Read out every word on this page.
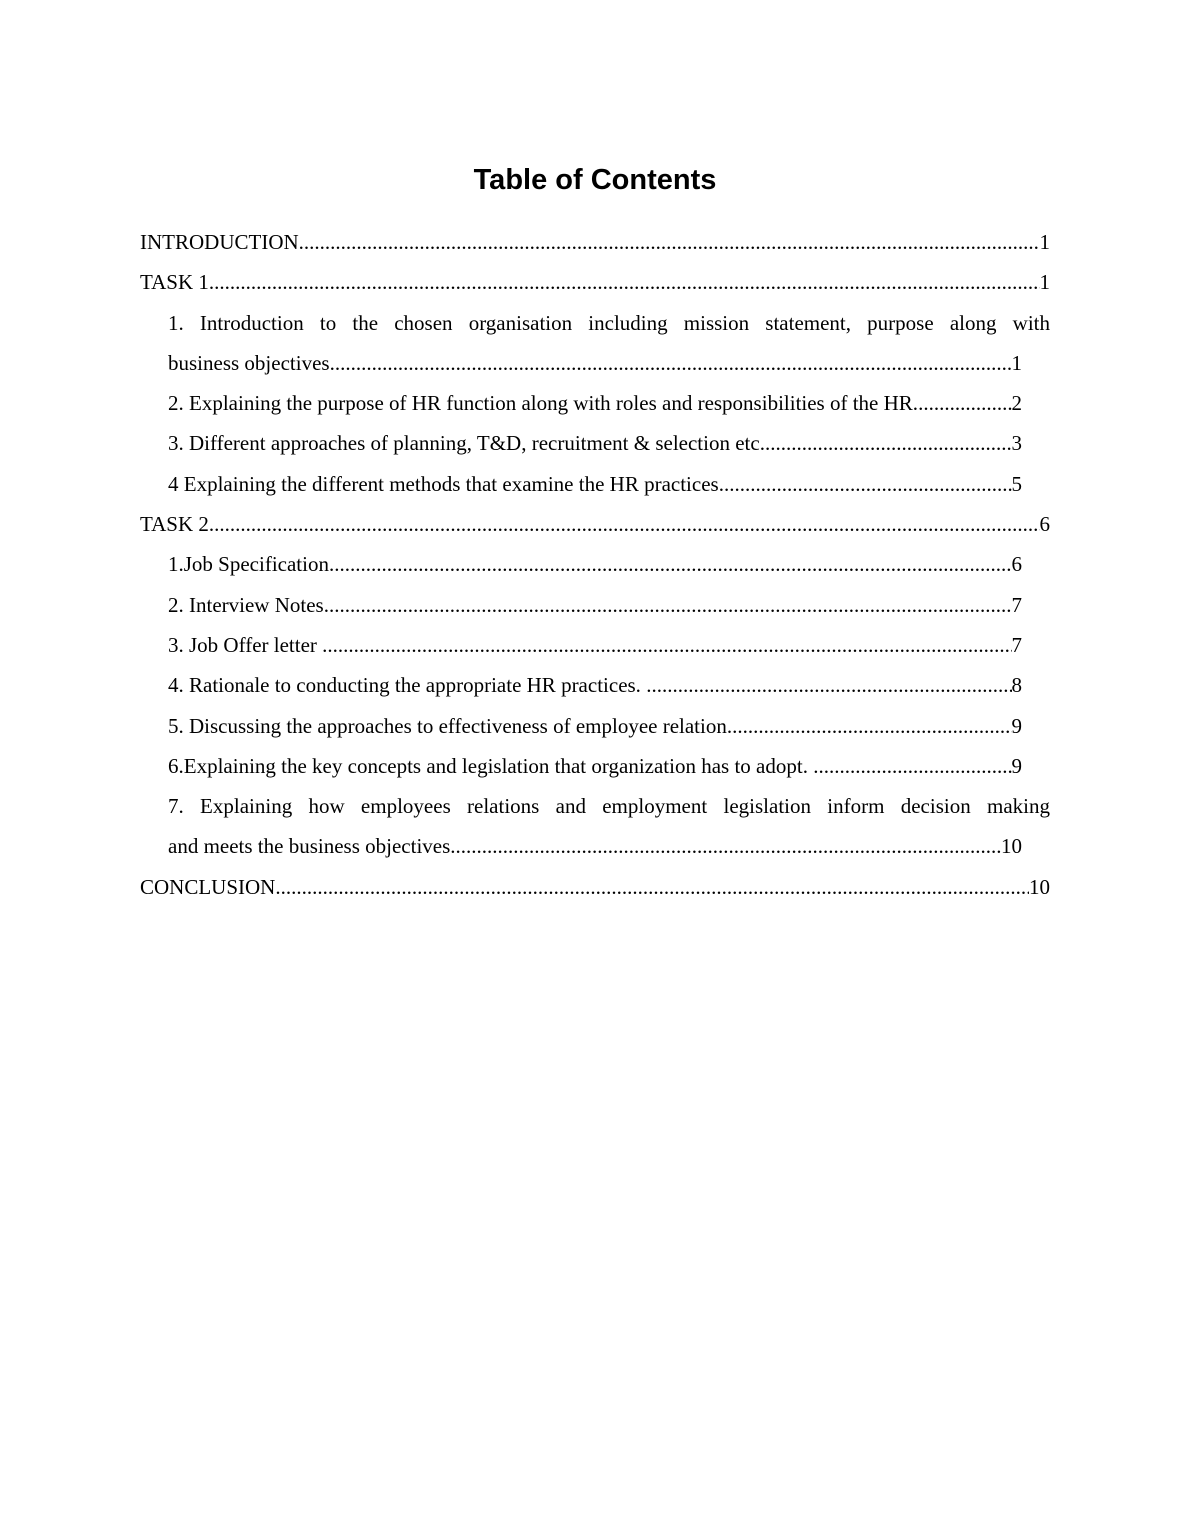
Table of Contents
INTRODUCTION .....	1
TASK 1 .....	1
1. Introduction to the chosen organisation including mission statement, purpose along with
business objectives .....	1
2. Explaining the purpose of HR function along with roles and responsibilities of the HR. .....	2
3. Different approaches of planning, T&D, recruitment & selection etc .....	3
4 Explaining the different methods that examine the HR practices .....	5
TASK 2 .....	6
1.Job Specification .....	6
2. Interview Notes .....	7
3. Job Offer letter .....	7
4. Rationale to conducting the appropriate HR practices. .....	8
5. Discussing the approaches to effectiveness of employee relation .....	9
6.Explaining the key concepts and legislation that organization has to adopt. .....	9
7. Explaining how employees relations and employment legislation inform decision making
and meets the business objectives .....	10
CONCLUSION .....	10
